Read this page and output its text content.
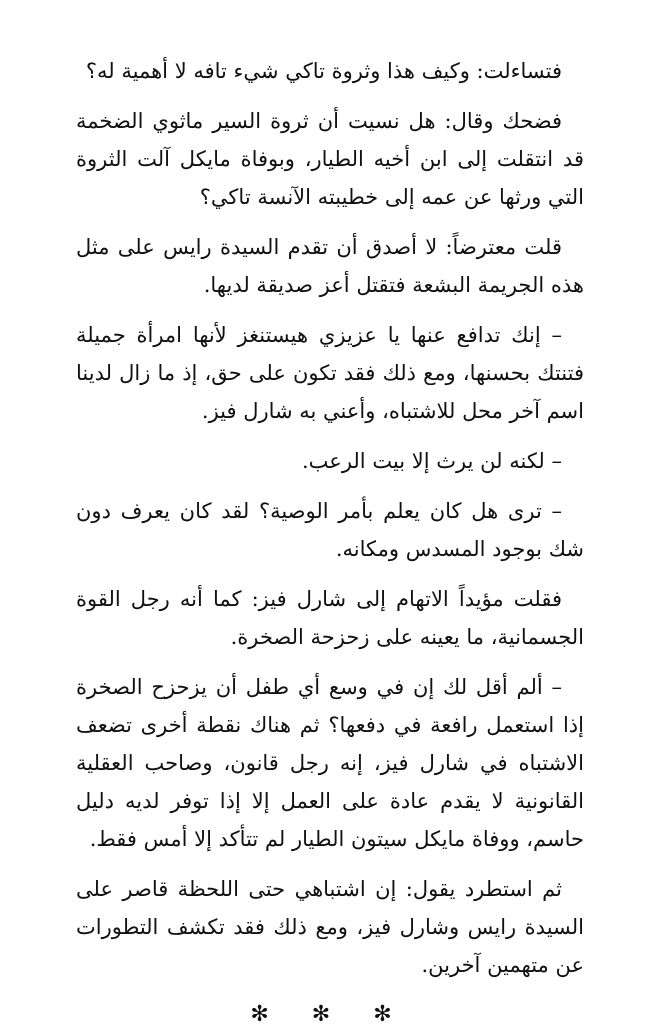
فتساءلت: وكيف هذا وثروة تاكي شيء تافه لا أهمية له؟

فضحك وقال: هل نسيت أن ثروة السير ماثوي الضخمة قد انتقلت إلى ابن أخيه الطيار، وبوفاة مايكل آلت الثروة التي ورثها عن عمه إلى خطيبته الآنسة تاكي؟

قلت معترضاً: لا أصدق أن تقدم السيدة رايس على مثل هذه الجريمة البشعة فتقتل أعز صديقة لديها.

– إنك تدافع عنها يا عزيزي هيستنغز لأنها امرأة جميلة فتنتك بحسنها، ومع ذلك فقد تكون على حق، إذ ما زال لدينا اسم آخر محل للاشتباه، وأعني به شارل فيز.

– لكنه لن يرث إلا بيت الرعب.

– ترى هل كان يعلم بأمر الوصية؟ لقد كان يعرف دون شك بوجود المسدس ومكانه.

فقلت مؤيداً الاتهام إلى شارل فيز: كما أنه رجل القوة الجسمانية، ما يعينه على زحزحة الصخرة.

– ألم أقل لك إن في وسع أي طفل أن يزحزح الصخرة إذا استعمل رافعة في دفعها؟ ثم هناك نقطة أخرى تضعف الاشتباه في شارل فيز، إنه رجل قانون، وصاحب العقلية القانونية لا يقدم عادة على العمل إلا إذا توفر لديه دليل حاسم، ووفاة مايكل سيتون الطيار لم تتأكد إلا أمس فقط.

ثم استطرد يقول: إن اشتباهي حتى اللحظة قاصر على السيدة رايس وشارل فيز، ومع ذلك فقد تكشف التطورات عن متهمين آخرين.

✻ ✻ ✻
